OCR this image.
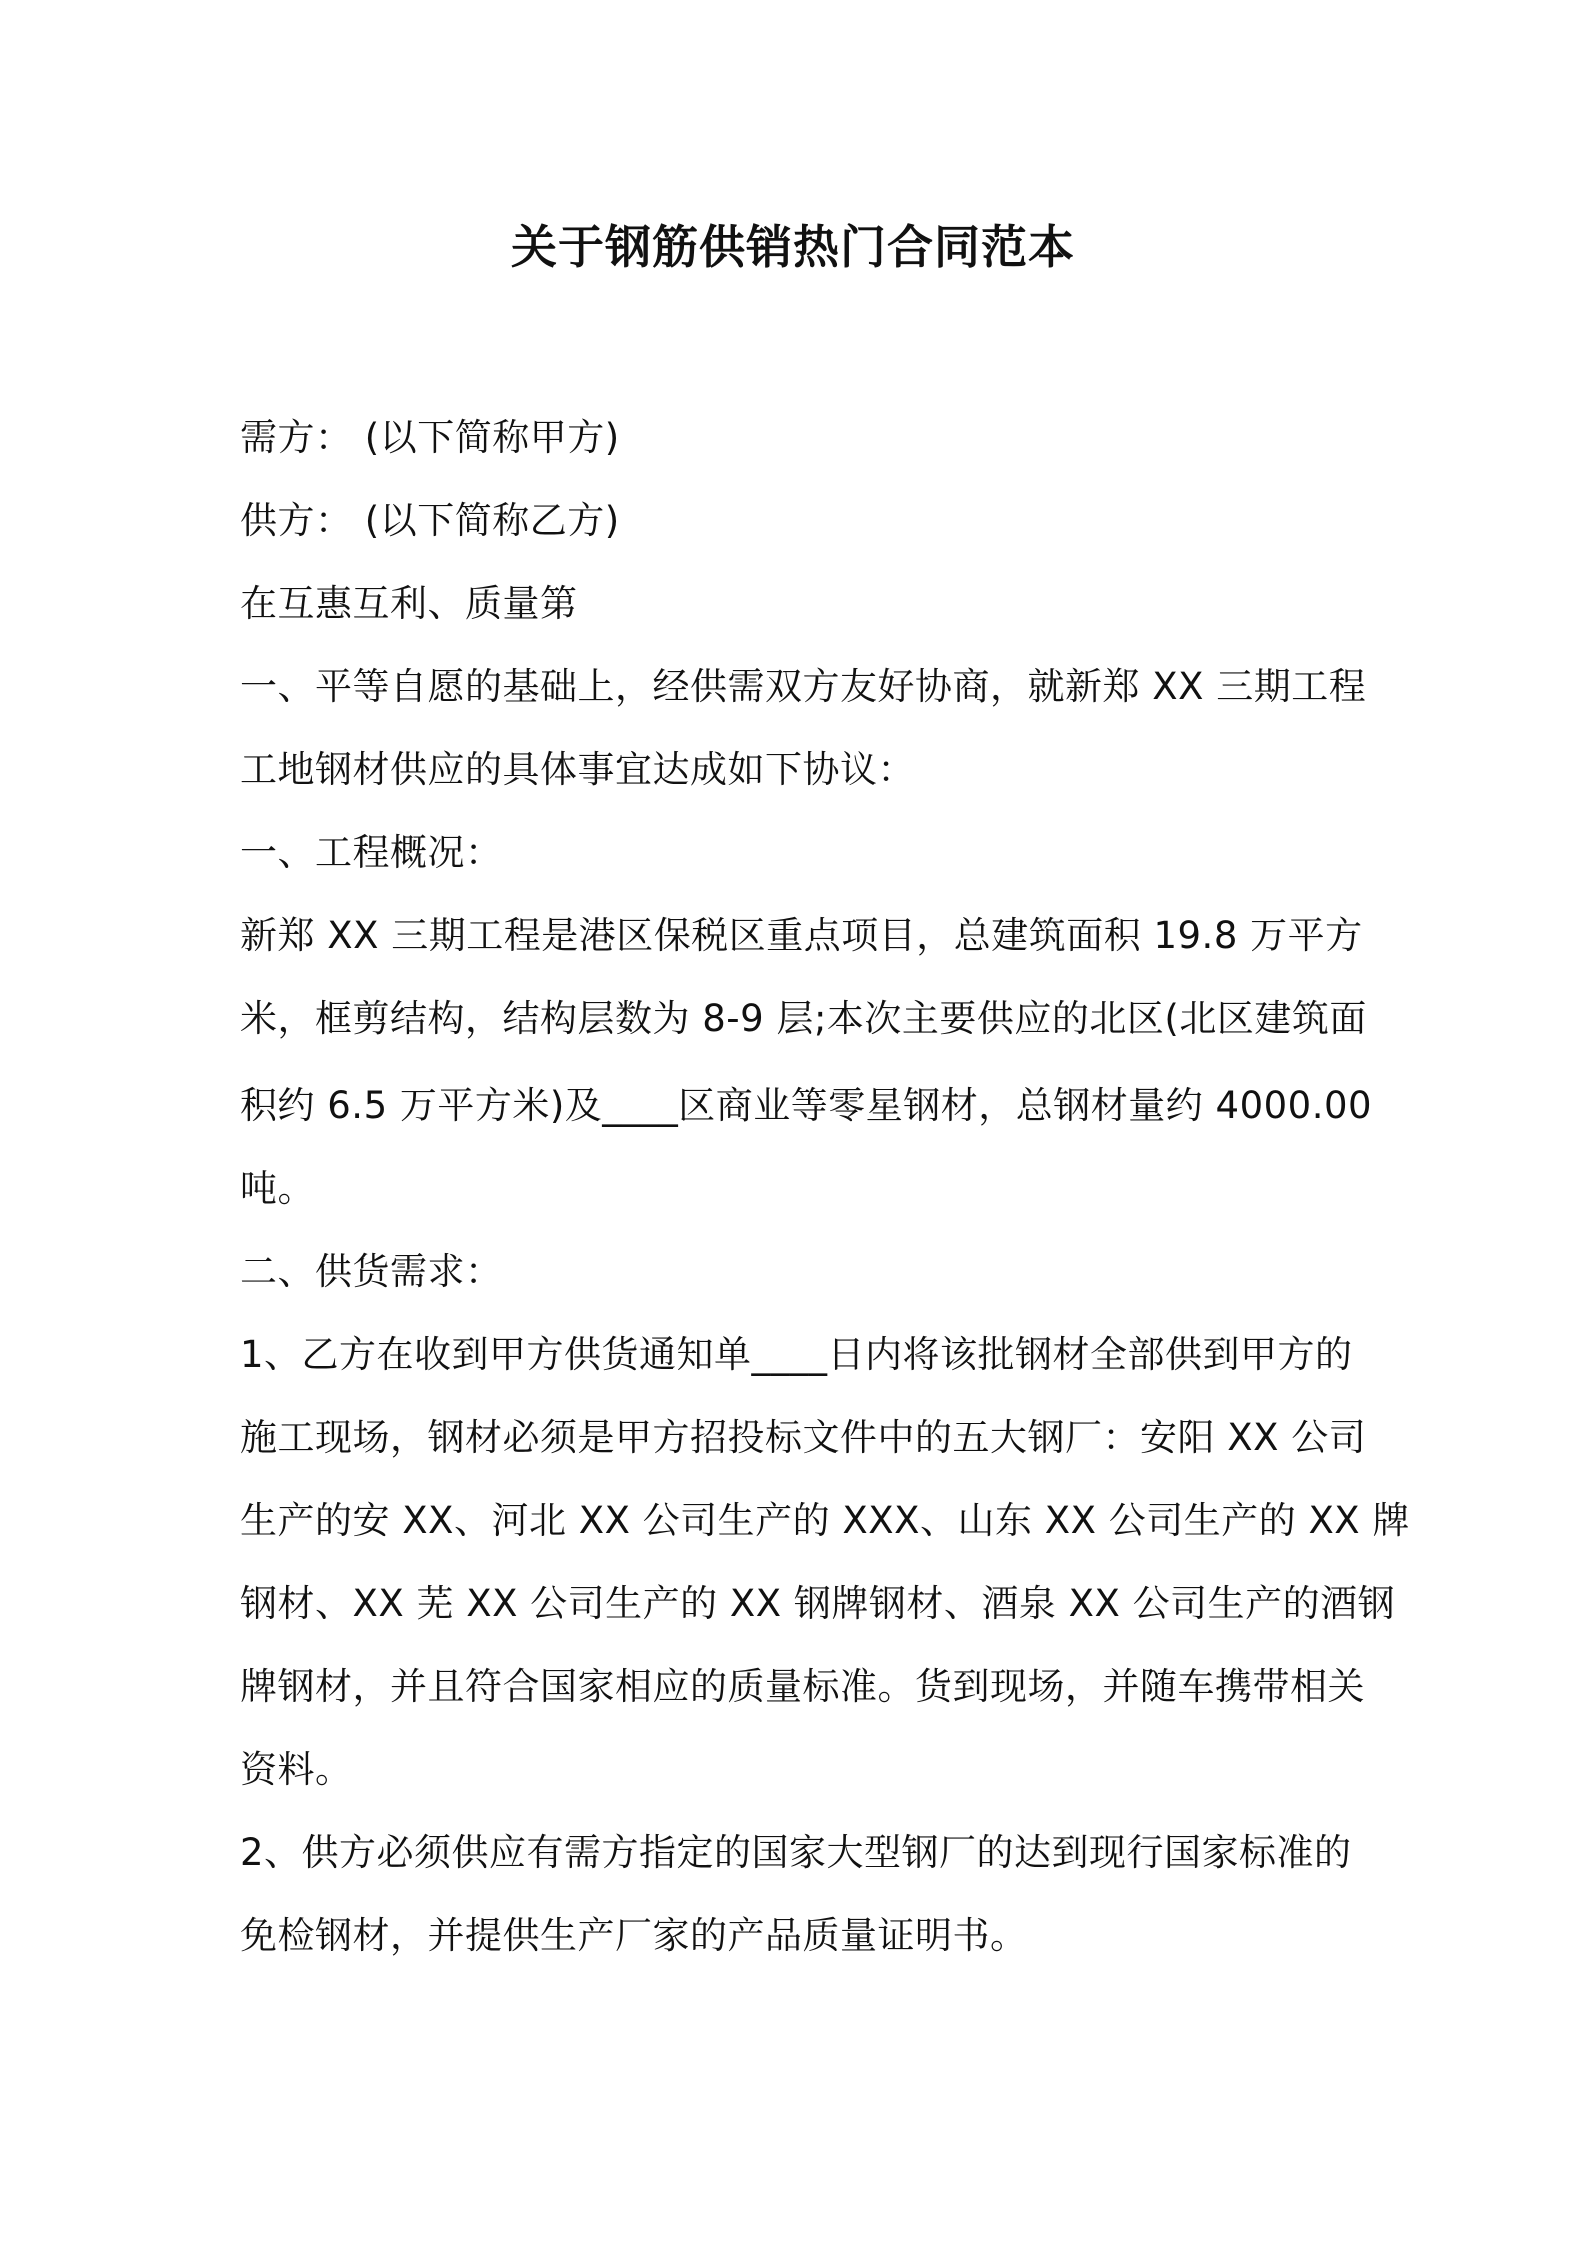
关于钢筋供销热门合同范本

需方： (以下简称甲方)

供方： (以下简称乙方)

在互惠互利、质量第

一、平等自愿的基础上，经供需双方友好协商，就新郑 XX 三期工程

工地钢材供应的具体事宜达成如下协议：

一、工程概况：

新郑 XX 三期工程是港区保税区重点项目，总建筑面积 19.8 万平方

米，框剪结构，结构层数为 8-9 层;本次主要供应的北区(北区建筑面

积约 6.5 万平方米)及____区商业等零星钢材，总钢材量约 4000.00

吨。

二、供货需求：

1、乙方在收到甲方供货通知单____日内将该批钢材全部供到甲方的

施工现场，钢材必须是甲方招投标文件中的五大钢厂：安阳 XX 公司

生产的安 XX、河北 XX 公司生产的 XXX、山东 XX 公司生产的 XX 牌

钢材、XX 芜 XX 公司生产的 XX 钢牌钢材、酒泉 XX 公司生产的酒钢

牌钢材，并且符合国家相应的质量标准。货到现场，并随车携带相关

资料。

2、供方必须供应有需方指定的国家大型钢厂的达到现行国家标准的

免检钢材，并提供生产厂家的产品质量证明书。
